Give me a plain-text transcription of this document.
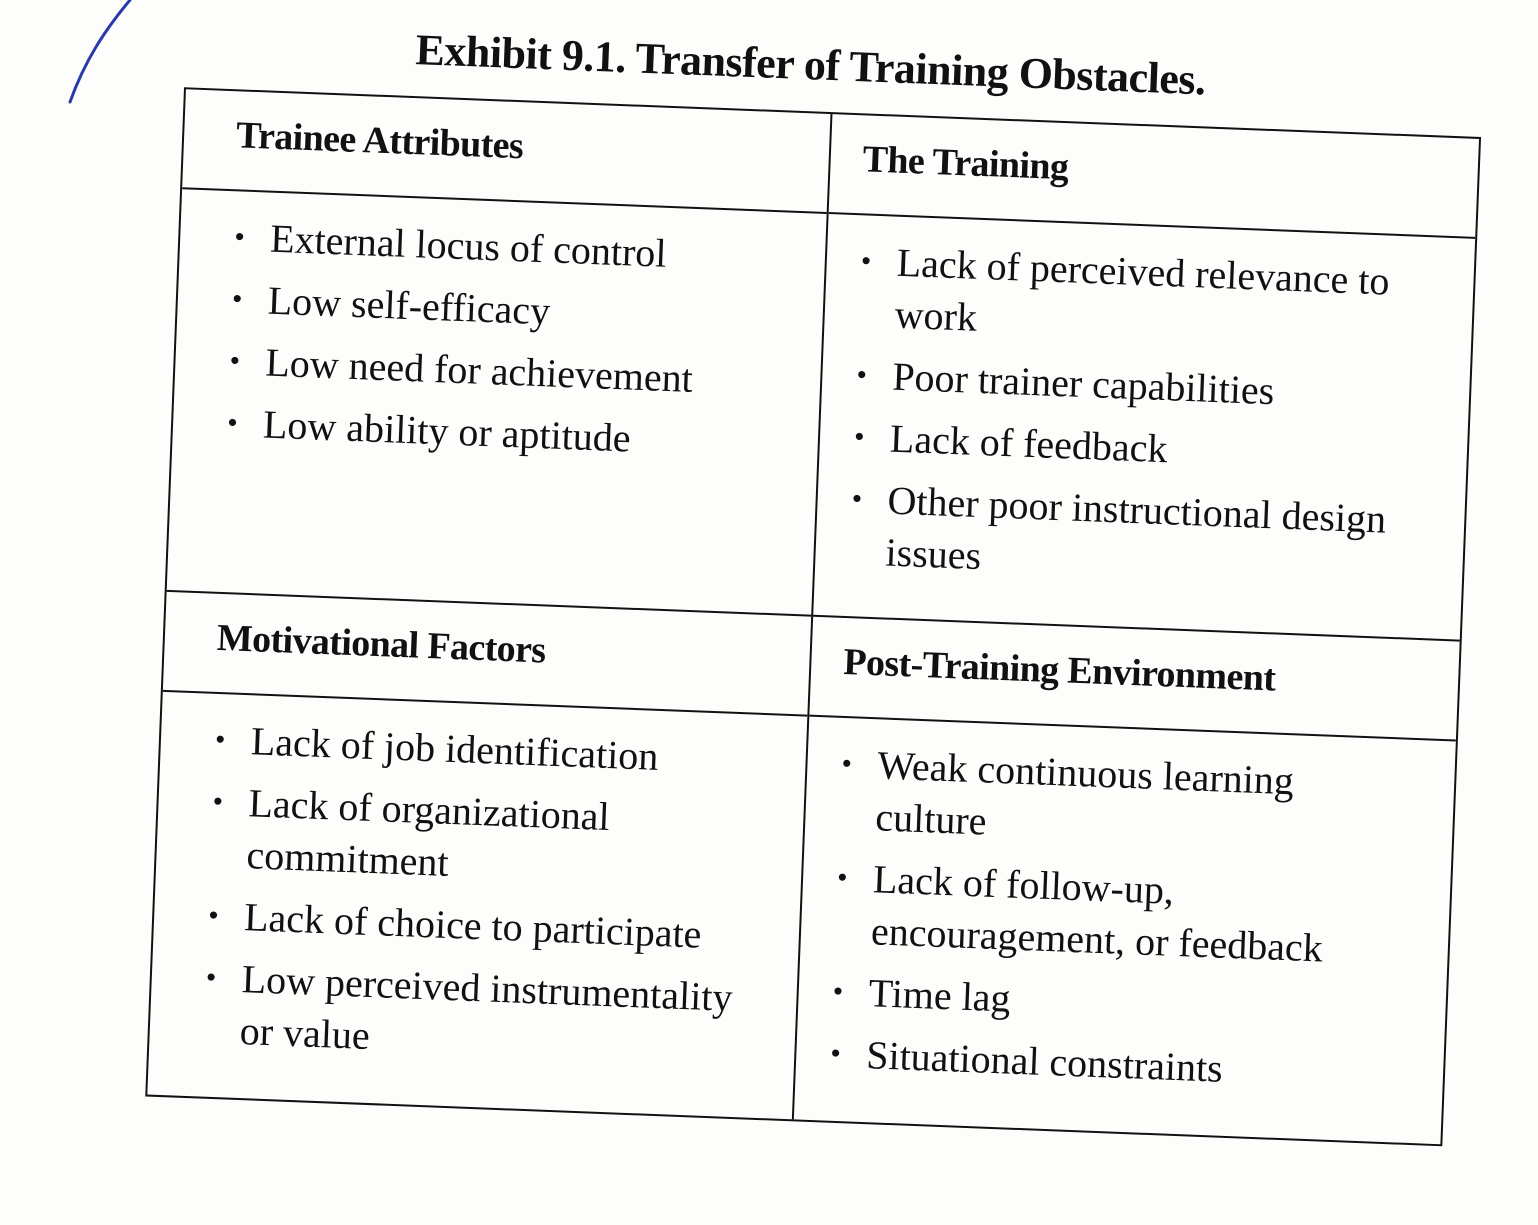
Exhibit 9.1. Transfer of Training Obstacles.
Trainee Attributes
• External locus of control
• Low self-efficacy
• Low need for achievement
• Low ability or aptitude
The Training
• Lack of perceived relevance to work
• Poor trainer capabilities
• Lack of feedback
• Other poor instructional design issues
Motivational Factors
• Lack of job identification
• Lack of organizational commitment
• Lack of choice to participate
• Low perceived instrumentality or value
Post-Training Environment
• Weak continuous learning culture
• Lack of follow-up, encouragement, or feedback
• Time lag
• Situational constraints
